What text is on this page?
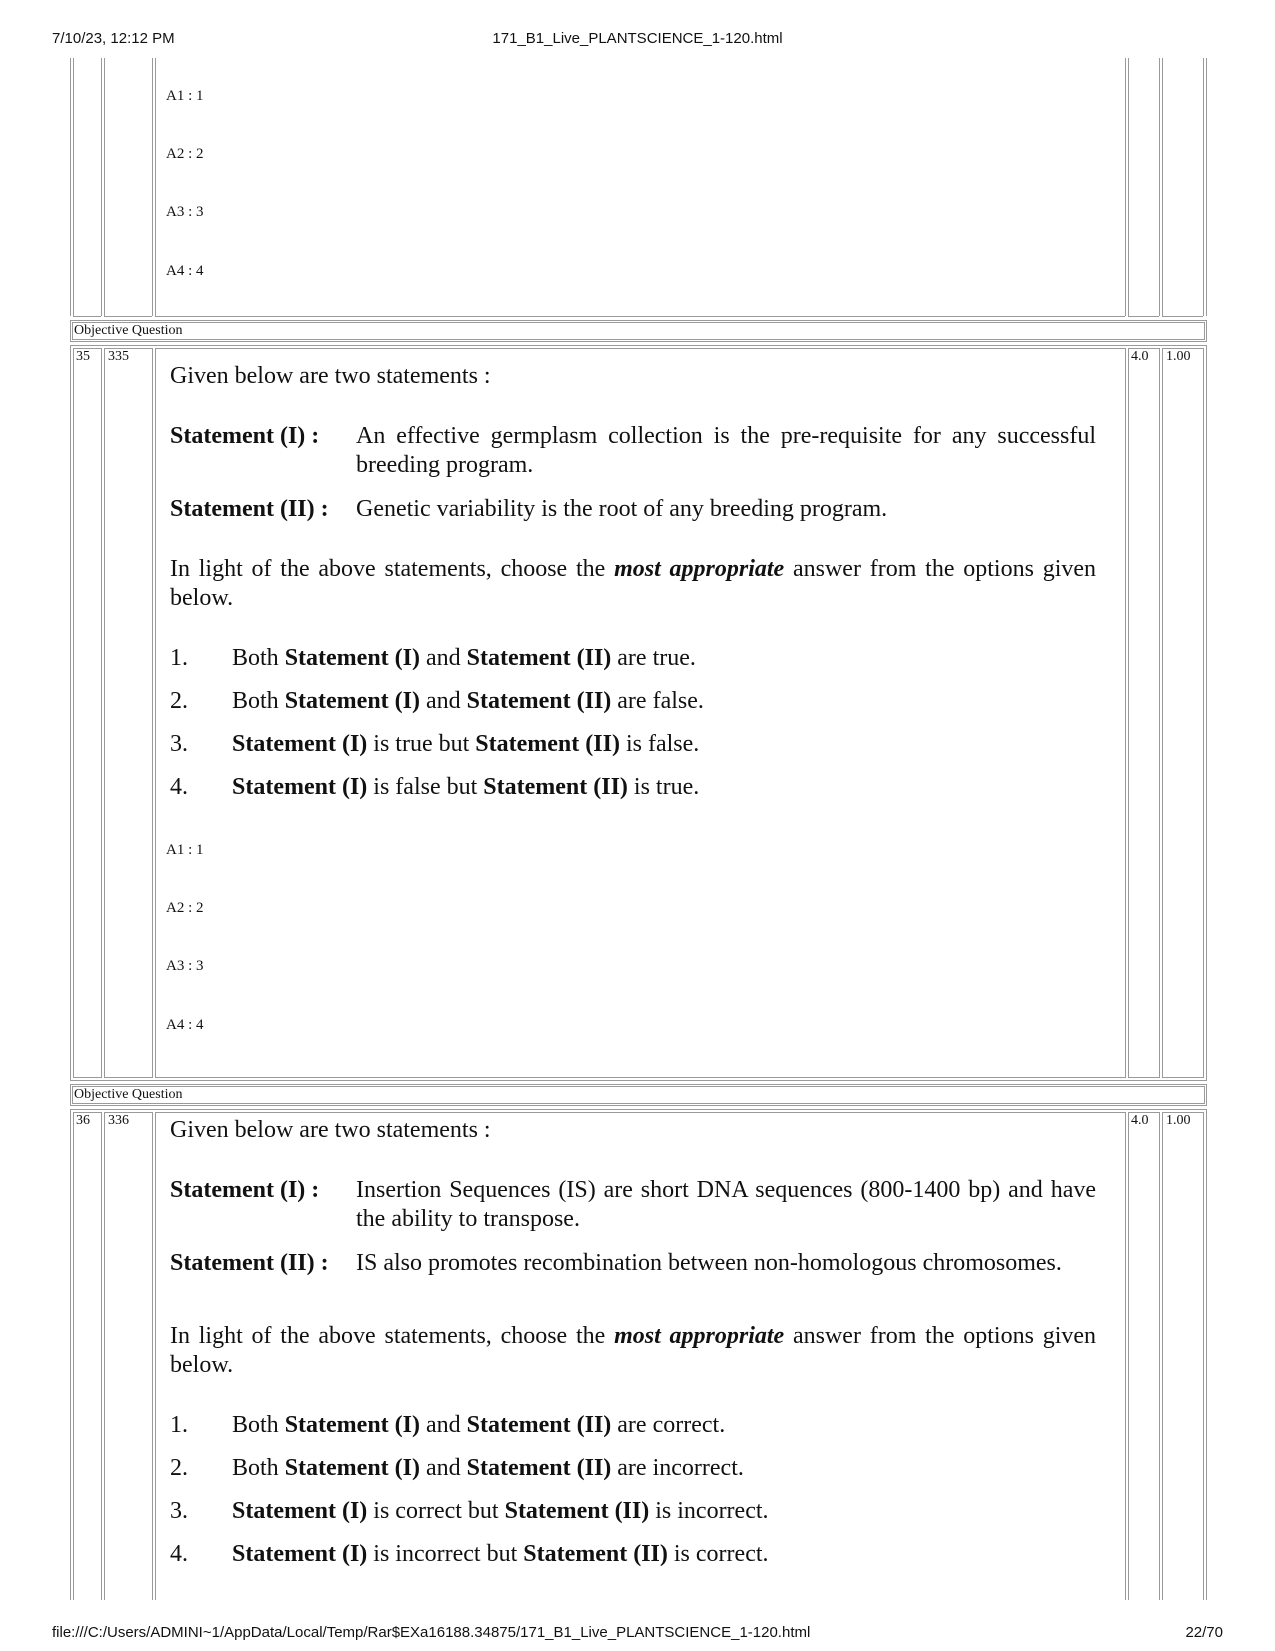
7/10/23, 12:12 PM	171_B1_Live_PLANTSCIENCE_1-120.html
A1 : 1
A2 : 2
A3 : 3
A4 : 4
Objective Question
35 335	4.0 1.00
Given below are two statements :
Statement (I) : An effective germplasm collection is the pre-requisite for any successful breeding program.
Statement (II) : Genetic variability is the root of any breeding program.
In light of the above statements, choose the most appropriate answer from the options given below.
1. Both Statement (I) and Statement (II) are true.
2. Both Statement (I) and Statement (II) are false.
3. Statement (I) is true but Statement (II) is false.
4. Statement (I) is false but Statement (II) is true.
A1 : 1
A2 : 2
A3 : 3
A4 : 4
Objective Question
36 336	4.0 1.00
Given below are two statements :
Statement (I) : Insertion Sequences (IS) are short DNA sequences (800-1400 bp) and have the ability to transpose.
Statement (II) : IS also promotes recombination between non-homologous chromosomes.
In light of the above statements, choose the most appropriate answer from the options given below.
1. Both Statement (I) and Statement (II) are correct.
2. Both Statement (I) and Statement (II) are incorrect.
3. Statement (I) is correct but Statement (II) is incorrect.
4. Statement (I) is incorrect but Statement (II) is correct.
file:///C:/Users/ADMINI~1/AppData/Local/Temp/Rar$EXa16188.34875/171_B1_Live_PLANTSCIENCE_1-120.html	22/70
